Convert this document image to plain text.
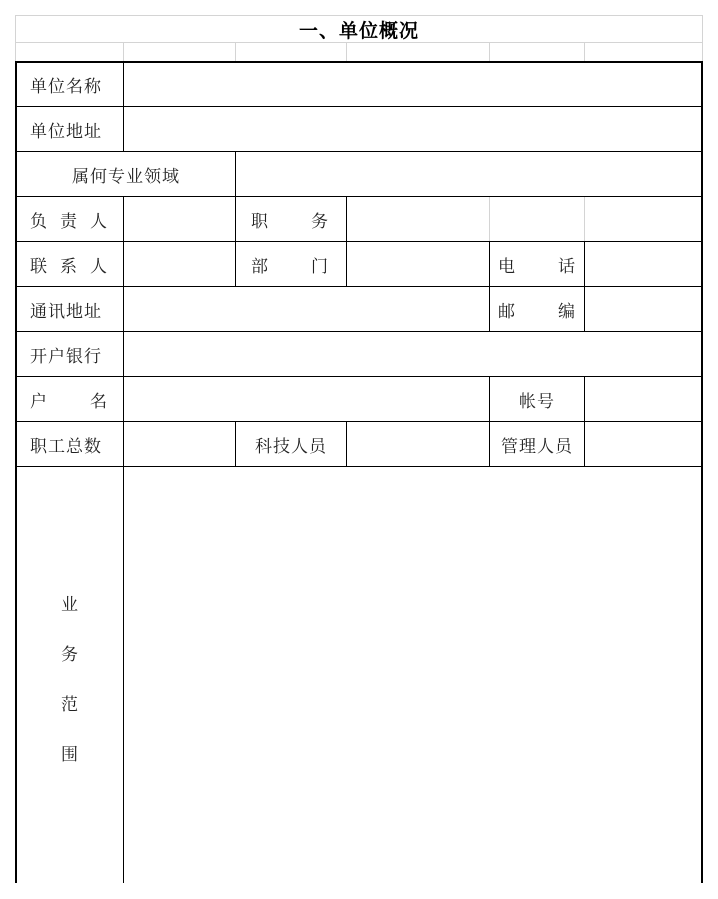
一、单位概况
单位名称
单位地址
属何专业领域
负 责 人	职 务
联 系 人	部 门	电 话
通讯地址	邮 编
开户银行
户 名	帐号
职工总数	科技人员	管理人员
业
务
范
围
